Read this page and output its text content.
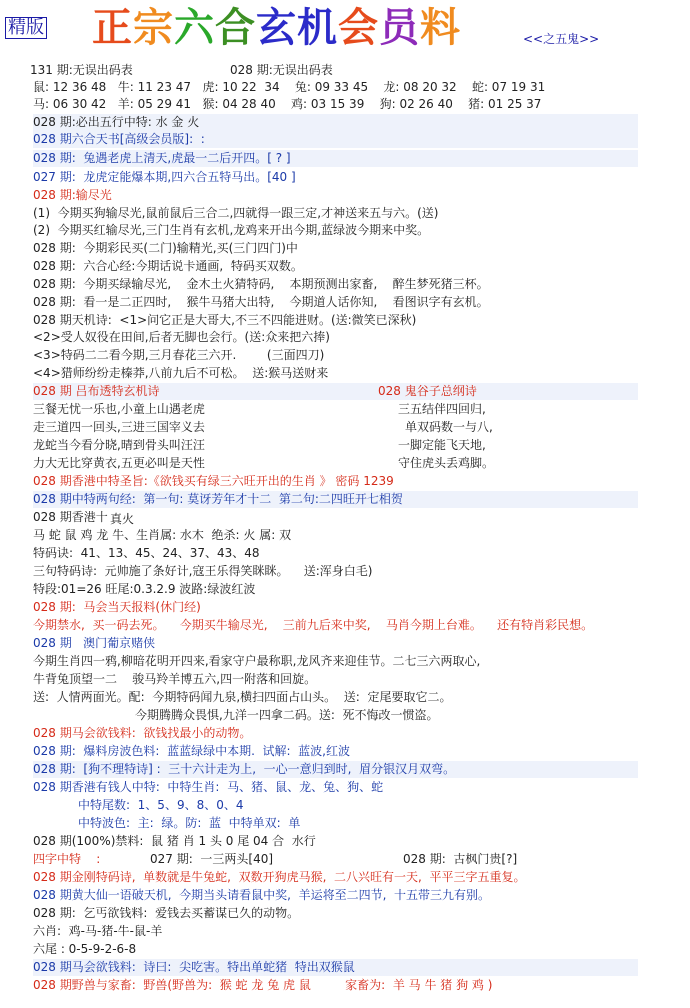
精版 正宗六合玄机会员料	<<之五鬼>>
131 期:无误出码表	028 期:无误出码表
鼠: 12 36 48   牛: 11 23 47   虎: 10 22  34    兔: 09 33 45    龙: 08 20 32    蛇: 07 19 31
马: 06 30 42   羊: 05 29 41   猴: 04 28 40    鸡: 03 15 39    狗: 02 26 40    猪: 01 25 37
028 期:必出五行中特: 水 金 火
028 期六合天书[高级会员版]:  :
028 期:  兔遇老虎上清天,虎最一二后开四。[ ? ]
027 期:  龙虎定能爆本期,四六合五特马出。[40 ]
028 期:输尽光
(1)  今期买狗输尽光,鼠前鼠后三合二,四就得一跟三定,才神送来五与六。(送)
(2)  今期买红输尽光,三门生肖有玄机,龙鸡来开出今期,蓝绿波今期来中奖。
028 期:  今期彩民买(二门)输精光,买(三门四门)中
028 期:  六合心经:今期话说卡通画,  特码买双数。
028 期:  今期买绿输尽光,    金木土火猜特码,    本期预测出家畜,    醉生梦死猪三杯。
028 期:  看一是二正四时,    猴牛马猪大出特,    今期道人话你知,    看图识字有玄机。
028 期天机诗:  <1>问它正是大哥大,不三不四能进财。(送:微笑已深秋)
<2>受人奴役在田间,后者无脚也会行。(送:众来把六捧)
<3>特码二二看今期,三月春花三六开.        (三面四刀)
<4>猎师纷纷走榛莽,八前九后不可松。  送:猴马送财来
028 期 吕布透特玄机诗	028 鬼谷子总纲诗
三餐无忧一乐也,小童上山遇老虎	三五结伴四回归,
走三道四一回头,三进三国宰义去	单双码数一与八,
龙蛇当今看分晓,晴到骨头叫汪汪	一脚定能飞天地,
力大无比穿黄衣,五更必叫是天性	守住虎头丢鸡脚。
028 期香港中特圣旨:《欲钱买有绿三六旺开出的生肖 》 密码 1239
028 期中特两句经:  第一句: 莫讶芳年才十二  第二句:二四旺开七相贺
028 期香港十
真火
马 蛇 鼠 鸡 龙 牛、生肖属: 水木  绝杀: 火 属: 双
特码诀:  41、13、45、24、37、43、48
三句特码诗:  元帅施了条好计,寇王乐得笑眯眯。    送:浑身白毛)
特段:01=26 旺尾:0.3.2.9 波路:绿波红波
028 期:  马会当天报料(休门经)
今期禁水,  买一码去死。    今期买牛输尽光,    三前九后来中奖,    马肖今期上台难。    还有特肖彩民想。
028 期   澳门葡京赌侠
今期生肖四一鸦,柳暗花明开四来,看家守户最称职,龙风齐来迎佳节。二七三六两取心,
牛背兔顶望一二    骏马羚羊博五六,四一附落和回旋。
送:  人情两面光。配:  今期特码闻九泉,横扫四面占山头。  送:  定尾要取它二。
今期腾腾众畏惧,九洋一四拿二码。送:  死不悔改一惯盗。
028 期马会欲钱料:  欲钱找最小的动物。
028 期:  爆料房波色料:  蓝蓝绿绿中本期.  试解:  蓝波,红波
028 期:  [狗不理特诗] :  三十六计走为上,  一心一意归到时,  眉分银汉月双弯。
028 期香港有钱人中特:  中特生肖:  马、猪、鼠、龙、兔、狗、蛇
中特尾数:  1、5、9、8、0、4
中特波色:  主:  绿。防:  蓝  中特单双:  单
028 期(100%)禁料:  鼠 猪 肖 1 头 0 尾 04 合  水行
四字中特    :	027 期:  一三两头[40]	028 期:  古枫门贵[?]
028 期金刚特码诗,  单数就是牛兔蛇,  双数开狗虎马猴,  二八兴旺有一天,  平平三字五重复。
028 期黄大仙一语破天机,  今期当头请看鼠中奖,  羊运将至二四节,  十五带三九有别。
028 期:  乞丐欲钱料:  爱钱去买蓄谋已久的动物。
六肖:  鸡-马-猪-牛-鼠-羊
六尾 : 0-5-9-2-6-8
028 期马会欲钱料:  诗曰:  尖吃害。特出单蛇猪  特出双猴鼠
028 期野兽与家畜:  野兽(野兽为:  猴 蛇 龙 兔 虎 鼠         家畜为:  羊 马 牛 猪 狗 鸡 )
